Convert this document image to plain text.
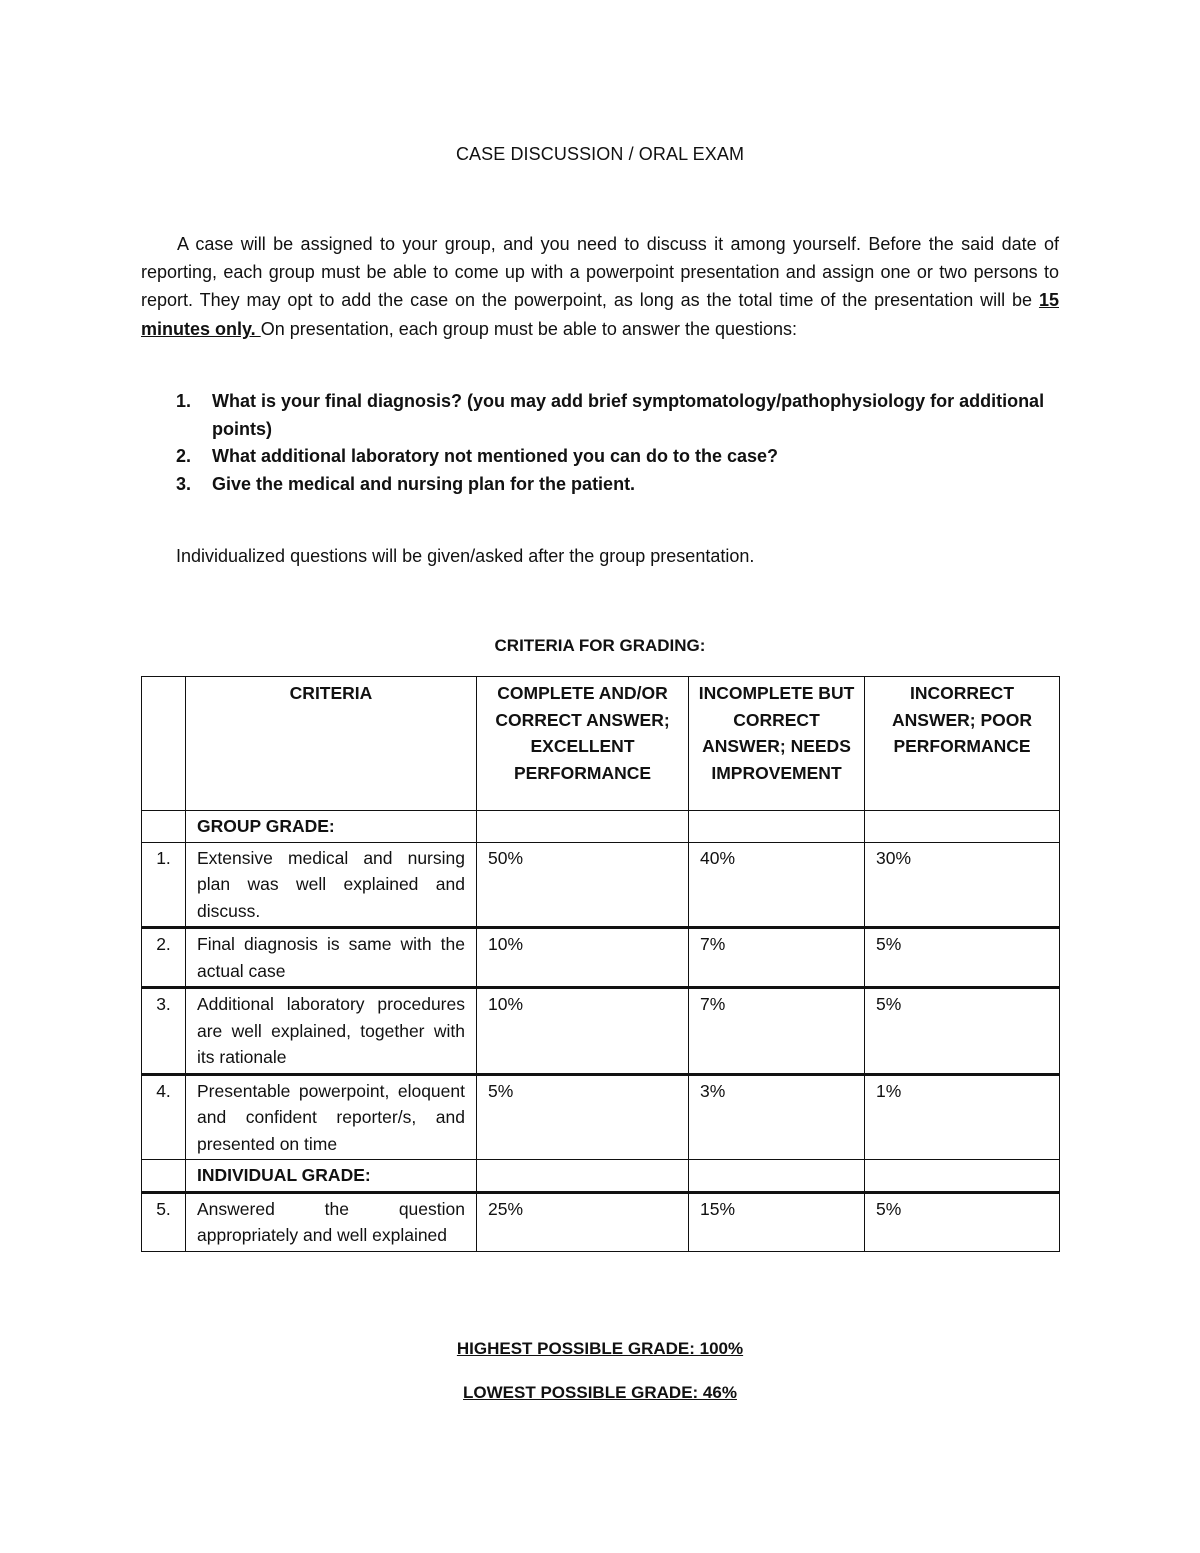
CASE DISCUSSION / ORAL EXAM

A case will be assigned to your group, and you need to discuss it among yourself. Before the said date of reporting, each group must be able to come up with a powerpoint presentation and assign one or two persons to report. They may opt to add the case on the powerpoint, as long as the total time of the presentation will be 15 minutes only. On presentation, each group must be able to answer the questions:

1. What is your final diagnosis? (you may add brief symptomatology/pathophysiology for additional points)
2. What additional laboratory not mentioned you can do to the case?
3. Give the medical and nursing plan for the patient.

Individualized questions will be given/asked after the group presentation.

CRITERIA FOR GRADING:
	CRITERIA	COMPLETE AND/OR CORRECT ANSWER; EXCELLENT PERFORMANCE	INCOMPLETE BUT CORRECT ANSWER; NEEDS IMPROVEMENT	INCORRECT ANSWER; POOR PERFORMANCE
	GROUP GRADE:			
1.	Extensive medical and nursing plan was well explained and discuss.	50%	40%	30%
2.	Final diagnosis is same with the actual case	10%	7%	5%
3.	Additional laboratory procedures are well explained, together with its rationale	10%	7%	5%
4.	Presentable powerpoint, eloquent and confident reporter/s, and presented on time	5%	3%	1%
	INDIVIDUAL GRADE:			
5.	Answered the question appropriately and well explained	25%	15%	5%
HIGHEST POSSIBLE GRADE: 100%
LOWEST POSSIBLE GRADE: 46%
